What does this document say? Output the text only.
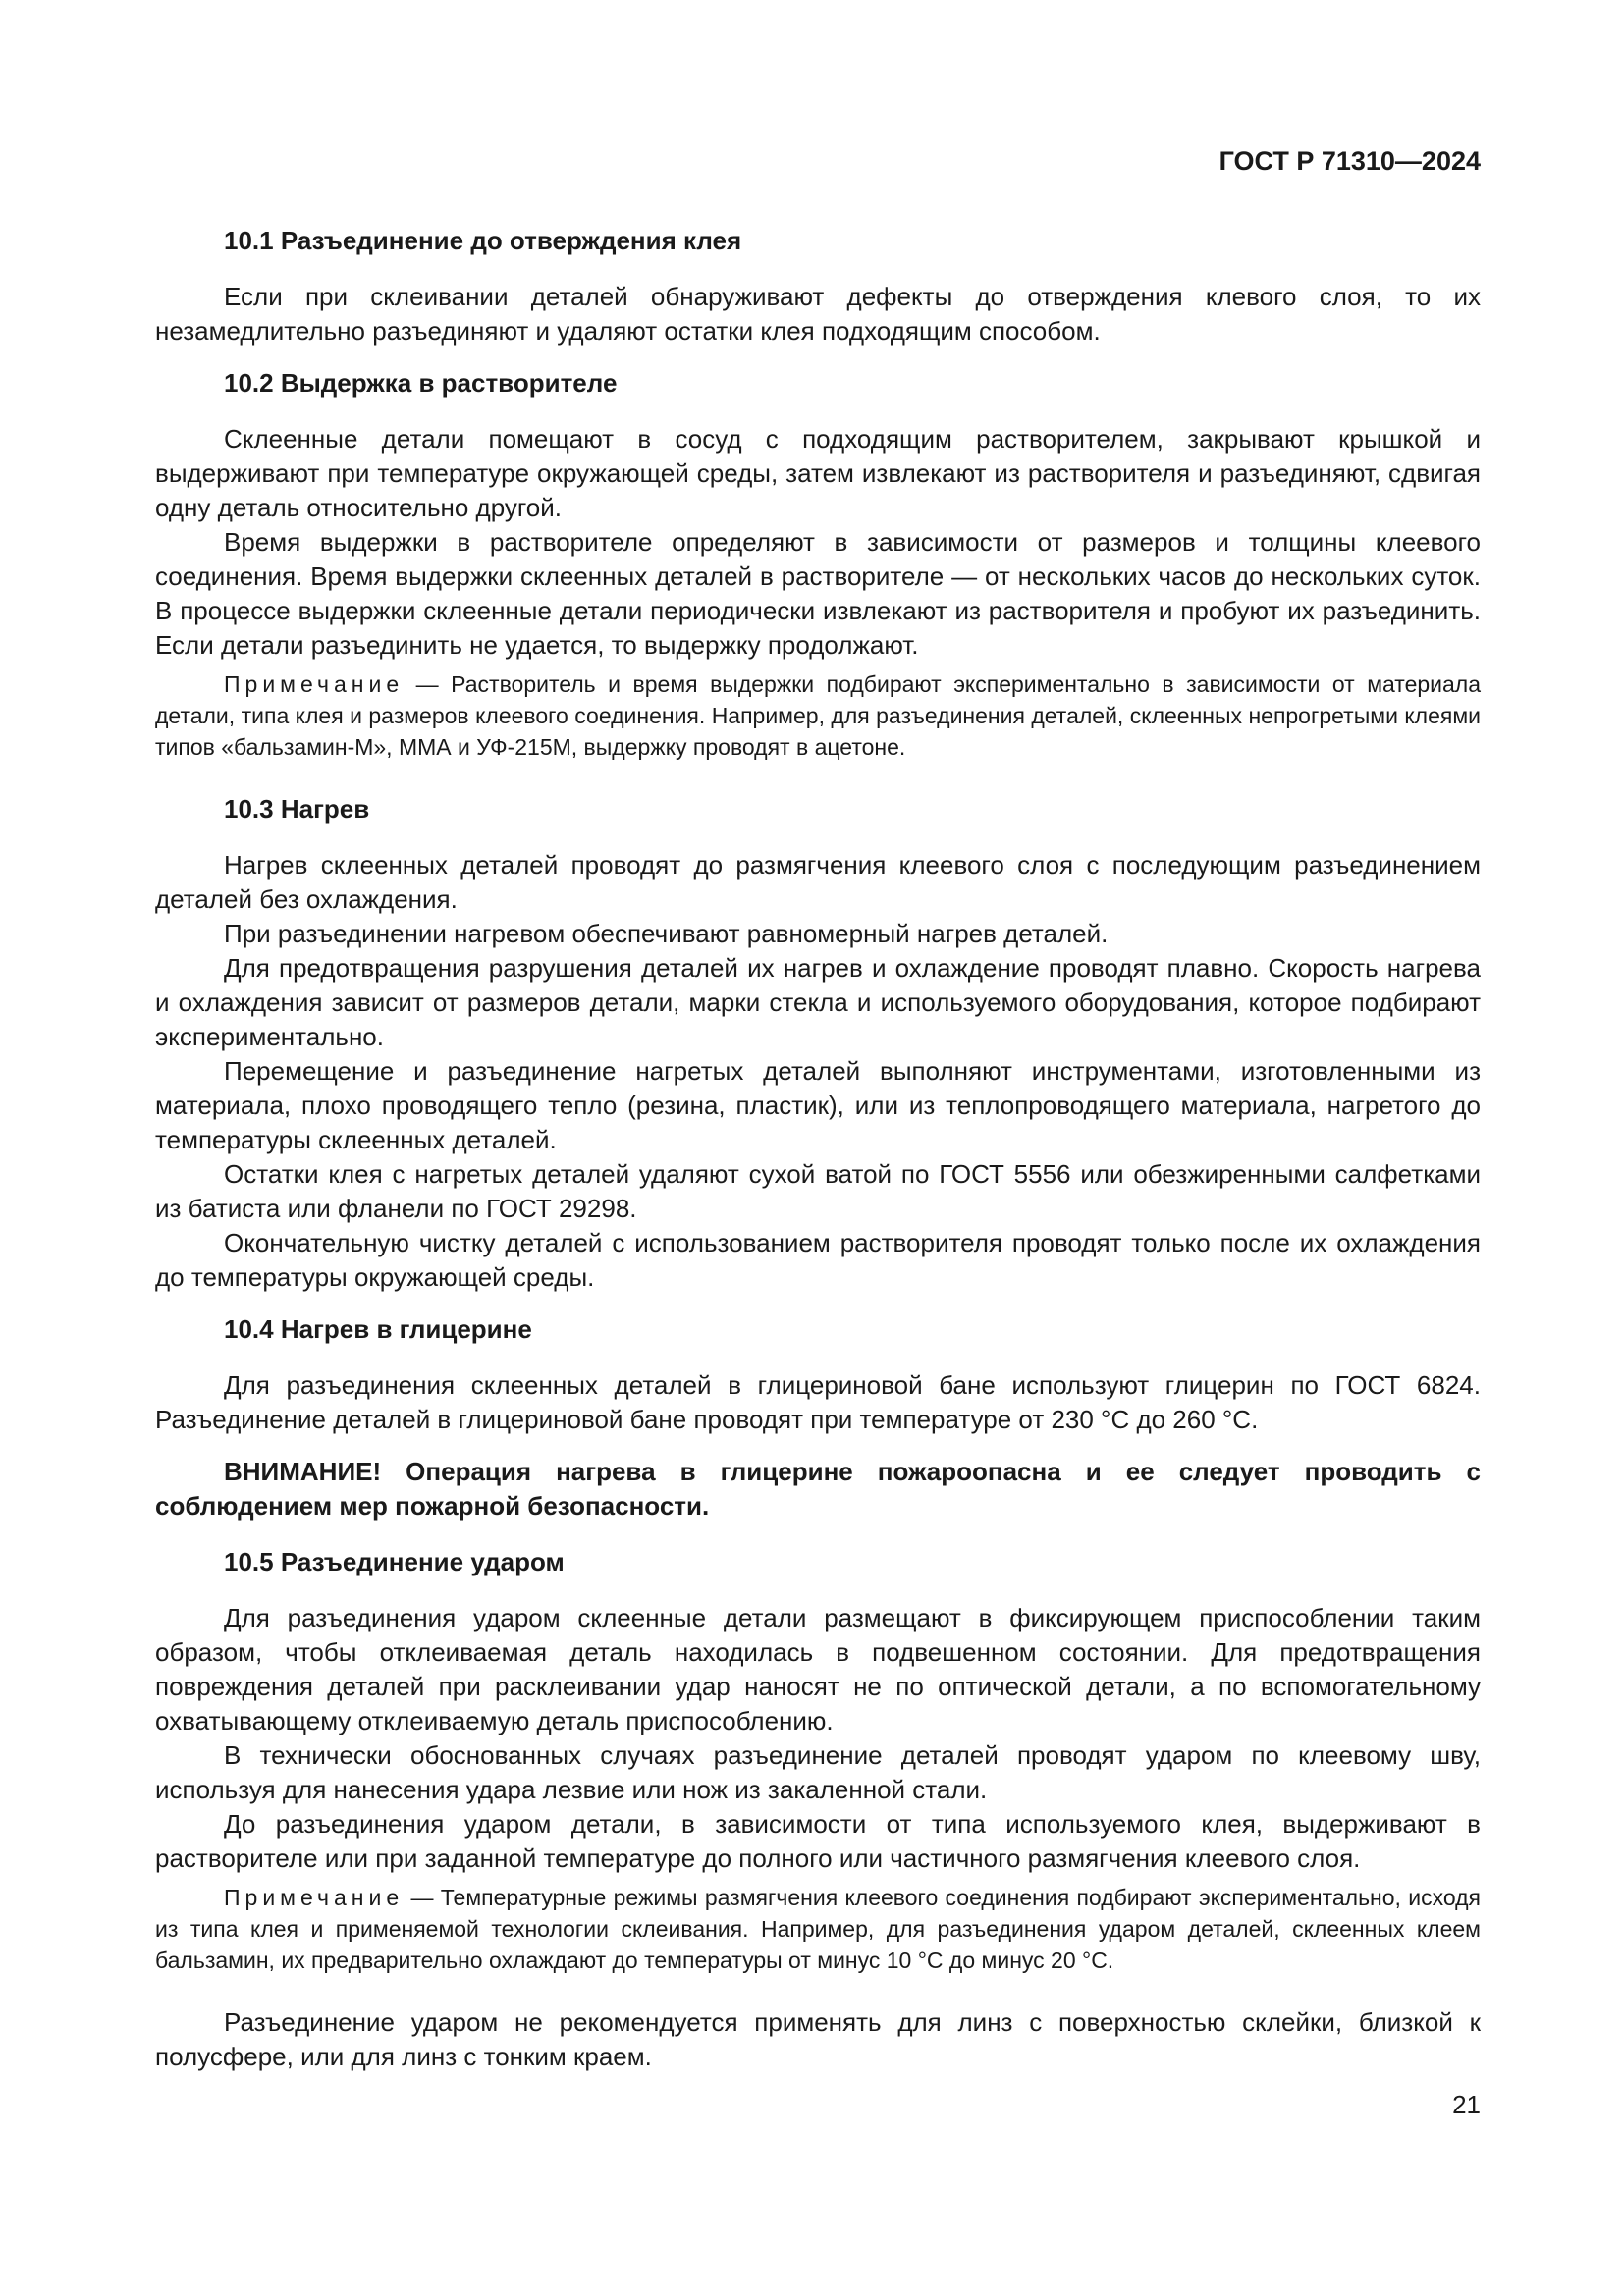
ГОСТ Р 71310—2024

10.1 Разъединение до отверждения клея

Если при склеивании деталей обнаруживают дефекты до отверждения клевого слоя, то их незамедлительно разъединяют и удаляют остатки клея подходящим способом.

10.2 Выдержка в растворителе

Склеенные детали помещают в сосуд с подходящим растворителем, закрывают крышкой и выдерживают при температуре окружающей среды, затем извлекают из растворителя и разъединяют, сдвигая одну деталь относительно другой.

Время выдержки в растворителе определяют в зависимости от размеров и толщины клеевого соединения. Время выдержки склеенных деталей в растворителе — от нескольких часов до нескольких суток. В процессе выдержки склеенные детали периодически извлекают из растворителя и пробуют их разъединить. Если детали разъединить не удается, то выдержку продолжают.

Примечание — Растворитель и время выдержки подбирают экспериментально в зависимости от материала детали, типа клея и размеров клеевого соединения. Например, для разъединения деталей, склеенных непрогретыми клеями типов «бальзамин-М», ММА и УФ-215М, выдержку проводят в ацетоне.

10.3 Нагрев

Нагрев склеенных деталей проводят до размягчения клеевого слоя с последующим разъединением деталей без охлаждения.

При разъединении нагревом обеспечивают равномерный нагрев деталей.

Для предотвращения разрушения деталей их нагрев и охлаждение проводят плавно. Скорость нагрева и охлаждения зависит от размеров детали, марки стекла и используемого оборудования, которое подбирают экспериментально.

Перемещение и разъединение нагретых деталей выполняют инструментами, изготовленными из материала, плохо проводящего тепло (резина, пластик), или из теплопроводящего материала, нагретого до температуры склеенных деталей.

Остатки клея с нагретых деталей удаляют сухой ватой по ГОСТ 5556 или обезжиренными салфетками из батиста или фланели по ГОСТ 29298.

Окончательную чистку деталей с использованием растворителя проводят только после их охлаждения до температуры окружающей среды.

10.4 Нагрев в глицерине

Для разъединения склеенных деталей в глицериновой бане используют глицерин по ГОСТ 6824. Разъединение деталей в глицериновой бане проводят при температуре от 230 °С до 260 °С.

ВНИМАНИЕ! Операция нагрева в глицерине пожароопасна и ее следует проводить с соблюдением мер пожарной безопасности.

10.5 Разъединение ударом

Для разъединения ударом склеенные детали размещают в фиксирующем приспособлении таким образом, чтобы отклеиваемая деталь находилась в подвешенном состоянии. Для предотвращения повреждения деталей при расклеивании удар наносят не по оптической детали, а по вспомогательному охватывающему отклеиваемую деталь приспособлению.

В технически обоснованных случаях разъединение деталей проводят ударом по клеевому шву, используя для нанесения удара лезвие или нож из закаленной стали.

До разъединения ударом детали, в зависимости от типа используемого клея, выдерживают в растворителе или при заданной температуре до полного или частичного размягчения клеевого слоя.

Примечание — Температурные режимы размягчения клеевого соединения подбирают экспериментально, исходя из типа клея и применяемой технологии склеивания. Например, для разъединения ударом деталей, склеенных клеем бальзамин, их предварительно охлаждают до температуры от минус 10 °С до минус 20 °С.

Разъединение ударом не рекомендуется применять для линз с поверхностью склейки, близкой к полусфере, или для линз с тонким краем.

21
